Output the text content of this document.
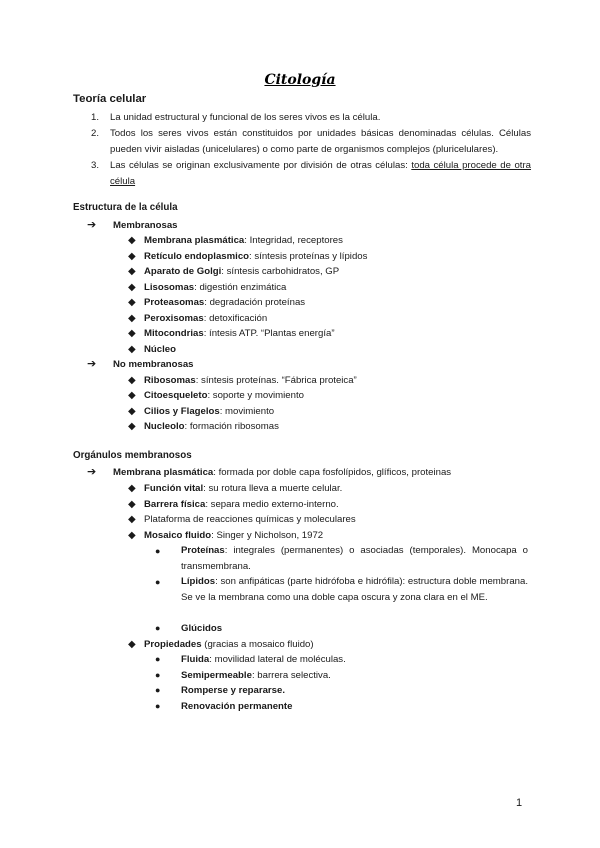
Citología
Teoría celular
1. La unidad estructural y funcional de los seres vivos es la célula.
2. Todos los seres vivos están constituidos por unidades básicas denominadas células. Células pueden vivir aisladas (unicelulares) o como parte de organismos complejos (pluricelulares).
3. Las células se originan exclusivamente por división de otras células: toda célula procede de otra célula
Estructura de la célula
➔ Membranosas
◆ Membrana plasmática: Integridad, receptores
◆ Retículo endoplasmico: síntesis proteínas y lípidos
◆ Aparato de Golgi: síntesis carbohidratos, GP
◆ Lisosomas: digestión enzimática
◆ Proteasomas: degradación proteínas
◆ Peroxisomas: detoxificación
◆ Mitocondrias: íntesis ATP. “Plantas energía”
◆ Núcleo
➔ No membranosas
◆ Ribosomas: síntesis proteínas. “Fábrica proteica”
◆ Citoesqueleto: soporte y movimiento
◆ Cilios y Flagelos: movimiento
◆ Nucleolo: formación ribosomas
Orgánulos membranosos
➔ Membrana plasmática: formada por doble capa fosfolípidos, glíficos, proteinas
◆ Función vital: su rotura lleva a muerte celular.
◆ Barrera física: separa medio externo-interno.
◆ Plataforma de reacciones químicas y moleculares
◆ Mosaico fluido: Singer y Nicholson, 1972
●	Proteínas: integrales (permanentes) o asociadas (temporales). Monocapa o transmembrana.
●	Lípidos: son anfipáticas (parte hidrófoba e hidrófila): estructura doble membrana. Se ve la membrana como una doble capa oscura y zona clara en el ME.
● Glúcidos
◆ Propiedades (gracias a mosaico fluido)
● Fluida: movilidad lateral de moléculas.
● Semipermeable: barrera selectiva.
● Romperse y repararse.
● Renovación permanente
1
